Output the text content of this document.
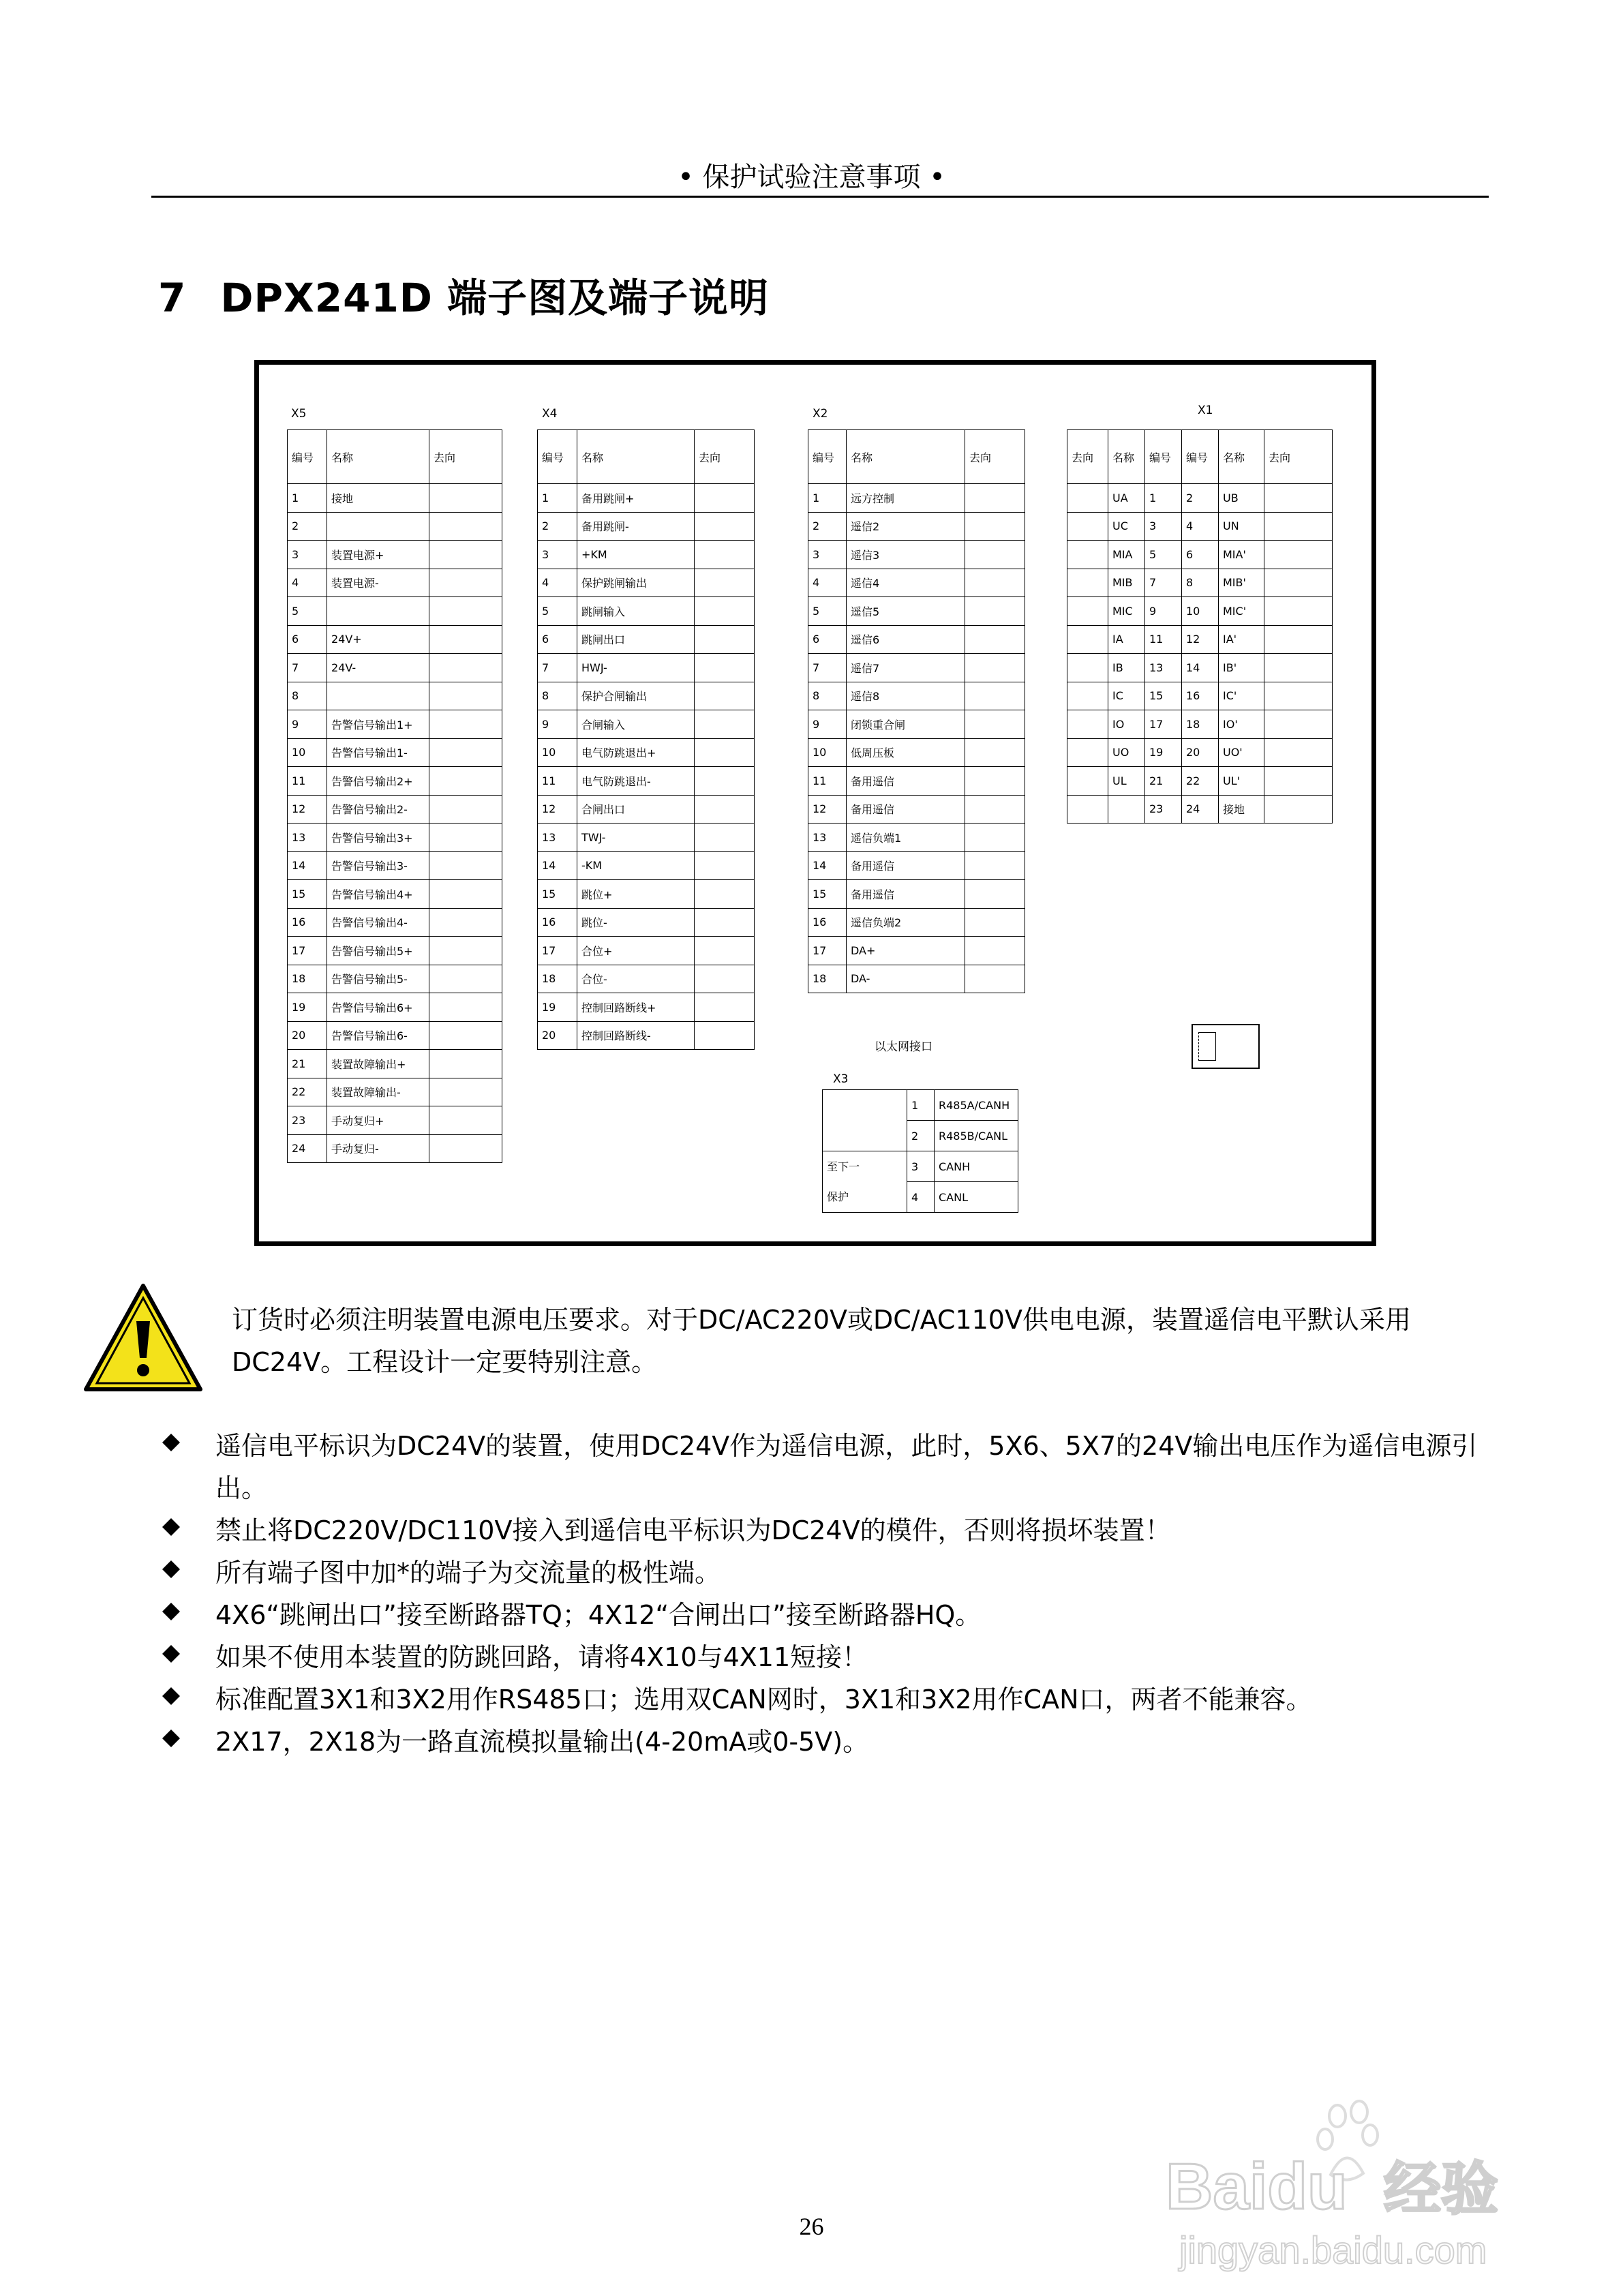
• 保护试验注意事项 •
7 DPX241D 端子图及端子说明
X5
编号	名称	去向
1	接地	
2		
3	装置电源+	
4	装置电源-	
5		
6	24V+	
7	24V-	
8		
9	告警信号输出1+	
10	告警信号输出1-	
11	告警信号输出2+	
12	告警信号输出2-	
13	告警信号输出3+	
14	告警信号输出3-	
15	告警信号输出4+	
16	告警信号输出4-	
17	告警信号输出5+	
18	告警信号输出5-	
19	告警信号输出6+	
20	告警信号输出6-	
21	装置故障输出+	
22	装置故障输出-	
23	手动复归+	
24	手动复归-	
X4
编号	名称	去向
1	备用跳闸+	
2	备用跳闸-	
3	+KM	
4	保护跳闸输出	
5	跳闸输入	
6	跳闸出口	
7	HWJ-	
8	保护合闸输出	
9	合闸输入	
10	电气防跳退出+	
11	电气防跳退出-	
12	合闸出口	
13	TWJ-	
14	-KM	
15	跳位+	
16	跳位-	
17	合位+	
18	合位-	
19	控制回路断线+	
20	控制回路断线-	
X2
编号	名称	去向
1	远方控制	
2	遥信2	
3	遥信3	
4	遥信4	
5	遥信5	
6	遥信6	
7	遥信7	
8	遥信8	
9	闭锁重合闸	
10	低周压板	
11	备用遥信	
12	备用遥信	
13	遥信负端1	
14	备用遥信	
15	备用遥信	
16	遥信负端2	
17	DA+	
18	DA-	
X1
去向	名称	编号	编号	名称	去向
	UA	1	2	UB	
	UC	3	4	UN	
	MIA	5	6	MIA'	
	MIB	7	8	MIB'	
	MIC	9	10	MIC'	
	IA	11	12	IA'	
	IB	13	14	IB'	
	IC	15	16	IC'	
	IO	17	18	IO'	
	UO	19	20	UO'	
	UL	21	22	UL'	
		23	24	接地	
以太网接口
X3
	1	R485A/CANH
	2	R485B/CANL

至下一
保护	3	CANH
	4	CANL
订货时必须注明装置电源电压要求。对于DC/AC220V或DC/AC110V供电电源，装置遥信电平默认采用DC24V。工程设计一定要特别注意。
遥信电平标识为DC24V的装置，使用DC24V作为遥信电源，此时，5X6、5X7的24V输出电压作为遥信电源引出。
禁止将DC220V/DC110V接入到遥信电平标识为DC24V的模件，否则将损坏装置！
所有端子图中加*的端子为交流量的极性端。
4X6“跳闸出口”接至断路器TQ；4X12“合闸出口”接至断路器HQ。
如果不使用本装置的防跳回路，请将4X10与4X11短接！
标准配置3X1和3X2用作RS485口；选用双CAN网时，3X1和3X2用作CAN口，两者不能兼容。
2X17，2X18为一路直流模拟量输出(4-20mA或0-5V)。
26
Baidu 经验
jingyan.baidu.com
